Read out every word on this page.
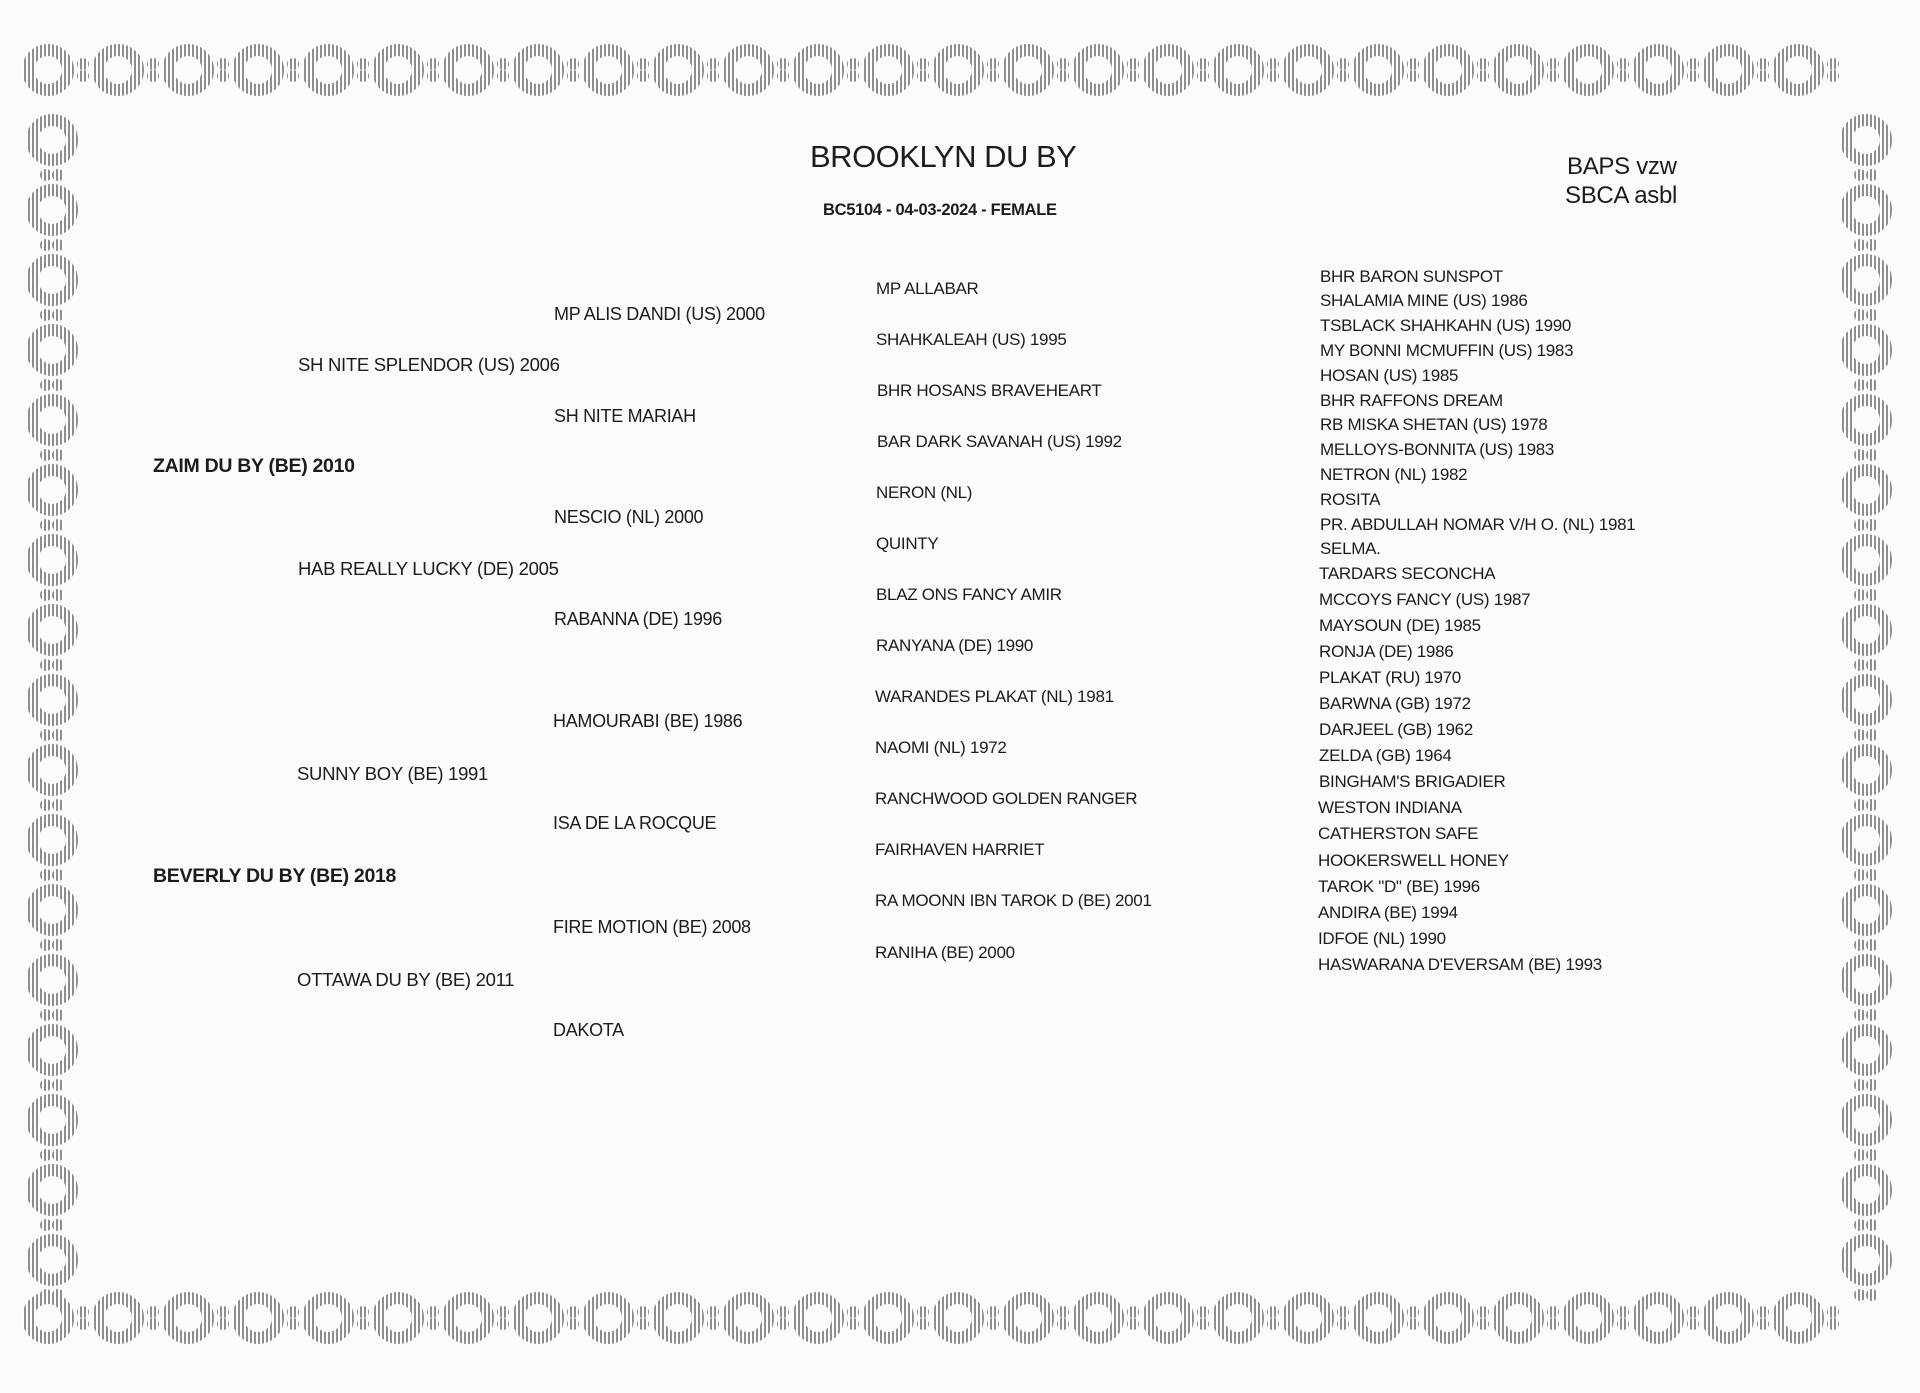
BROOKLYN DU BY
BC5104 - 04-03-2024 - FEMALE
BAPS vzw
SBCA asbl
ZAIM DU BY (BE) 2010
BEVERLY DU BY (BE) 2018
SH NITE SPLENDOR (US) 2006
HAB REALLY LUCKY (DE) 2005
SUNNY BOY (BE) 1991
OTTAWA DU BY (BE) 2011
MP ALIS DANDI (US) 2000
SH NITE MARIAH
NESCIO (NL) 2000
RABANNA (DE) 1996
HAMOURABI (BE) 1986
ISA DE LA ROCQUE
FIRE MOTION (BE) 2008
DAKOTA
MP ALLABAR
SHAHKALEAH (US) 1995
BHR HOSANS BRAVEHEART
BAR DARK SAVANAH (US) 1992
NERON (NL)
QUINTY
BLAZ ONS FANCY AMIR
RANYANA (DE) 1990
WARANDES PLAKAT (NL) 1981
NAOMI (NL) 1972
RANCHWOOD GOLDEN RANGER
FAIRHAVEN HARRIET
RA MOONN IBN TAROK D (BE) 2001
RANIHA (BE) 2000
BHR BARON SUNSPOT
SHALAMIA MINE (US) 1986
TSBLACK SHAHKAHN (US) 1990
MY BONNI MCMUFFIN (US) 1983
HOSAN (US) 1985
BHR RAFFONS DREAM
RB MISKA SHETAN (US) 1978
MELLOYS-BONNITA (US) 1983
NETRON (NL) 1982
ROSITA
PR. ABDULLAH NOMAR V/H O. (NL) 1981
SELMA.
TARDARS SECONCHA
MCCOYS FANCY (US) 1987
MAYSOUN (DE) 1985
RONJA (DE) 1986
PLAKAT (RU) 1970
BARWNA (GB) 1972
DARJEEL (GB) 1962
ZELDA (GB) 1964
BINGHAM'S BRIGADIER
WESTON INDIANA
CATHERSTON SAFE
HOOKERSWELL HONEY
TAROK "D" (BE) 1996
ANDIRA (BE) 1994
IDFOE (NL) 1990
HASWARANA D'EVERSAM (BE) 1993
